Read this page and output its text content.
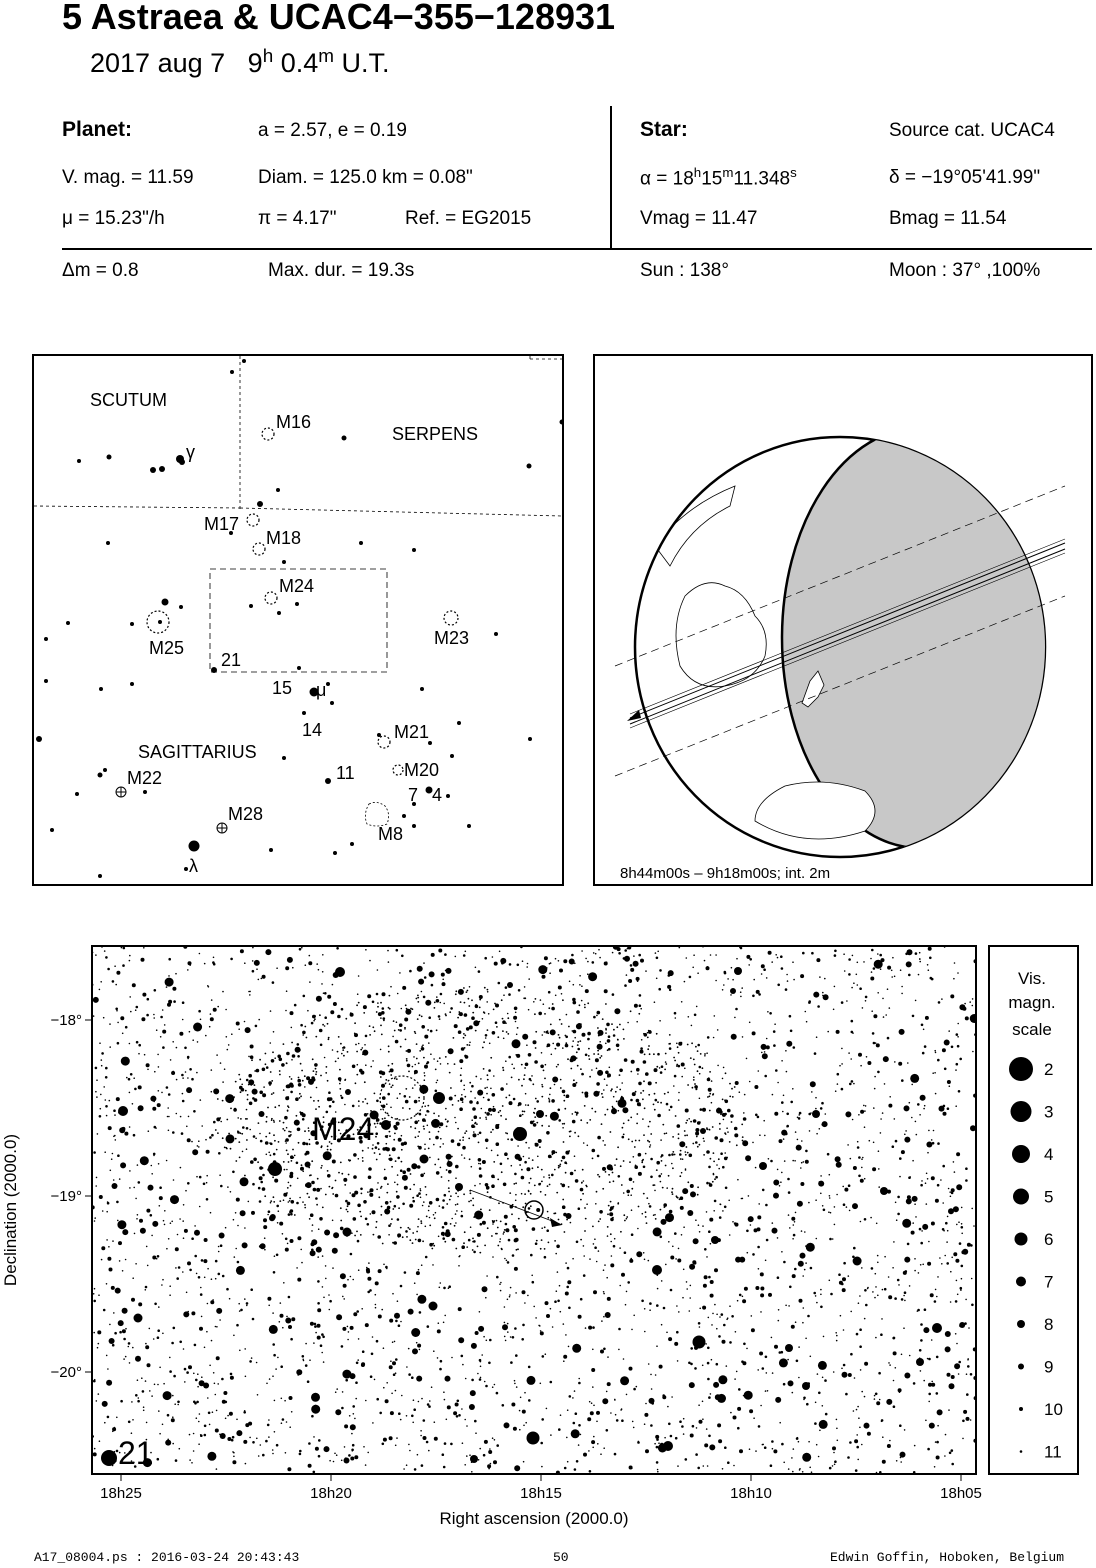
5 Astraea & UCAC4−355−128931
2017 aug 7 9$^h$ 0.4$^m$ U.T.
Planet:	a = 2.57, e = 0.19
V. mag. = 11.59	Diam. = 125.0 km = 0.08"
μ = 15.23"/h	π = 4.17"	Ref. = EG2015
Star:	Source cat. UCAC4
$\alpha = 18^h15^m11.348^s$	δ = −19°05'41.99"
Vmag = 11.47	Bmag = 11.54
Δm = 0.8	Max. dur. = 19.3s	Sun : 138°	Moon : 37° ,100%
SCUTUM
SERPENS
SAGITTARIUS
M16
M17
M18
M24
M25	M23
M21
M20
M22
M28
M8
21
15
14
11
7 4
γ
μ
λ	8h44m00s – 9h18m00s; int. 2m
M24
21
−18°
−19°
−20°
18h25	18h20	18h15	18h10	18h05
Right ascension (2000.0)
Declination (2000.0)
Vis.
magn.
scale
2
3
4
5
6
7
8
9
10
11
A17_08004.ps : 2016-03-24 20:43:43	50	Edwin Goffin, Hoboken, Belgium
